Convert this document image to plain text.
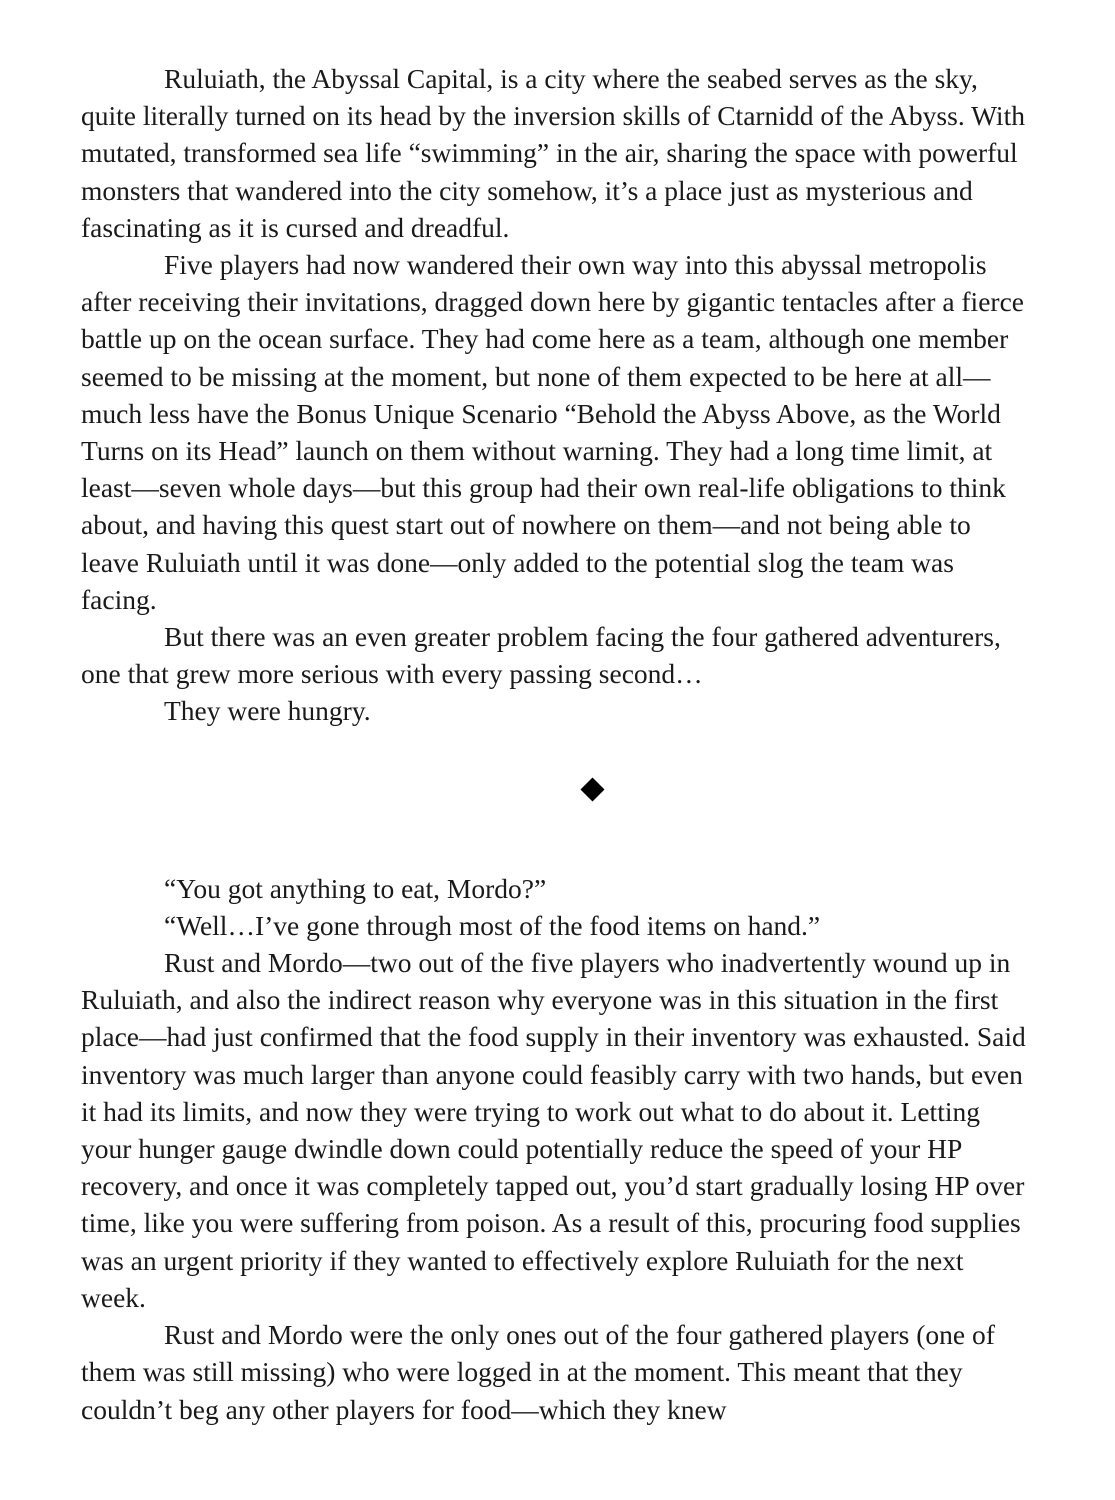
Ruluiath, the Abyssal Capital, is a city where the seabed serves as the sky, quite literally turned on its head by the inversion skills of Ctarnidd of the Abyss. With mutated, transformed sea life “swimming” in the air, sharing the space with powerful monsters that wandered into the city somehow, it’s a place just as mysterious and fascinating as it is cursed and dreadful.

Five players had now wandered their own way into this abyssal metropolis after receiving their invitations, dragged down here by gigantic tentacles after a fierce battle up on the ocean surface. They had come here as a team, although one member seemed to be missing at the moment, but none of them expected to be here at all—much less have the Bonus Unique Scenario “Behold the Abyss Above, as the World Turns on its Head” launch on them without warning. They had a long time limit, at least—seven whole days—but this group had their own real-life obligations to think about, and having this quest start out of nowhere on them—and not being able to leave Ruluiath until it was done—only added to the potential slog the team was facing.

But there was an even greater problem facing the four gathered adventurers, one that grew more serious with every passing second…

They were hungry.

“You got anything to eat, Mordo?”

“Well…I’ve gone through most of the food items on hand.”

Rust and Mordo—two out of the five players who inadvertently wound up in Ruluiath, and also the indirect reason why everyone was in this situation in the first place—had just confirmed that the food supply in their inventory was exhausted. Said inventory was much larger than anyone could feasibly carry with two hands, but even it had its limits, and now they were trying to work out what to do about it. Letting your hunger gauge dwindle down could potentially reduce the speed of your HP recovery, and once it was completely tapped out, you’d start gradually losing HP over time, like you were suffering from poison. As a result of this, procuring food supplies was an urgent priority if they wanted to effectively explore Ruluiath for the next week.

Rust and Mordo were the only ones out of the four gathered players (one of them was still missing) who were logged in at the moment. This meant that they couldn’t beg any other players for food—which they knew
